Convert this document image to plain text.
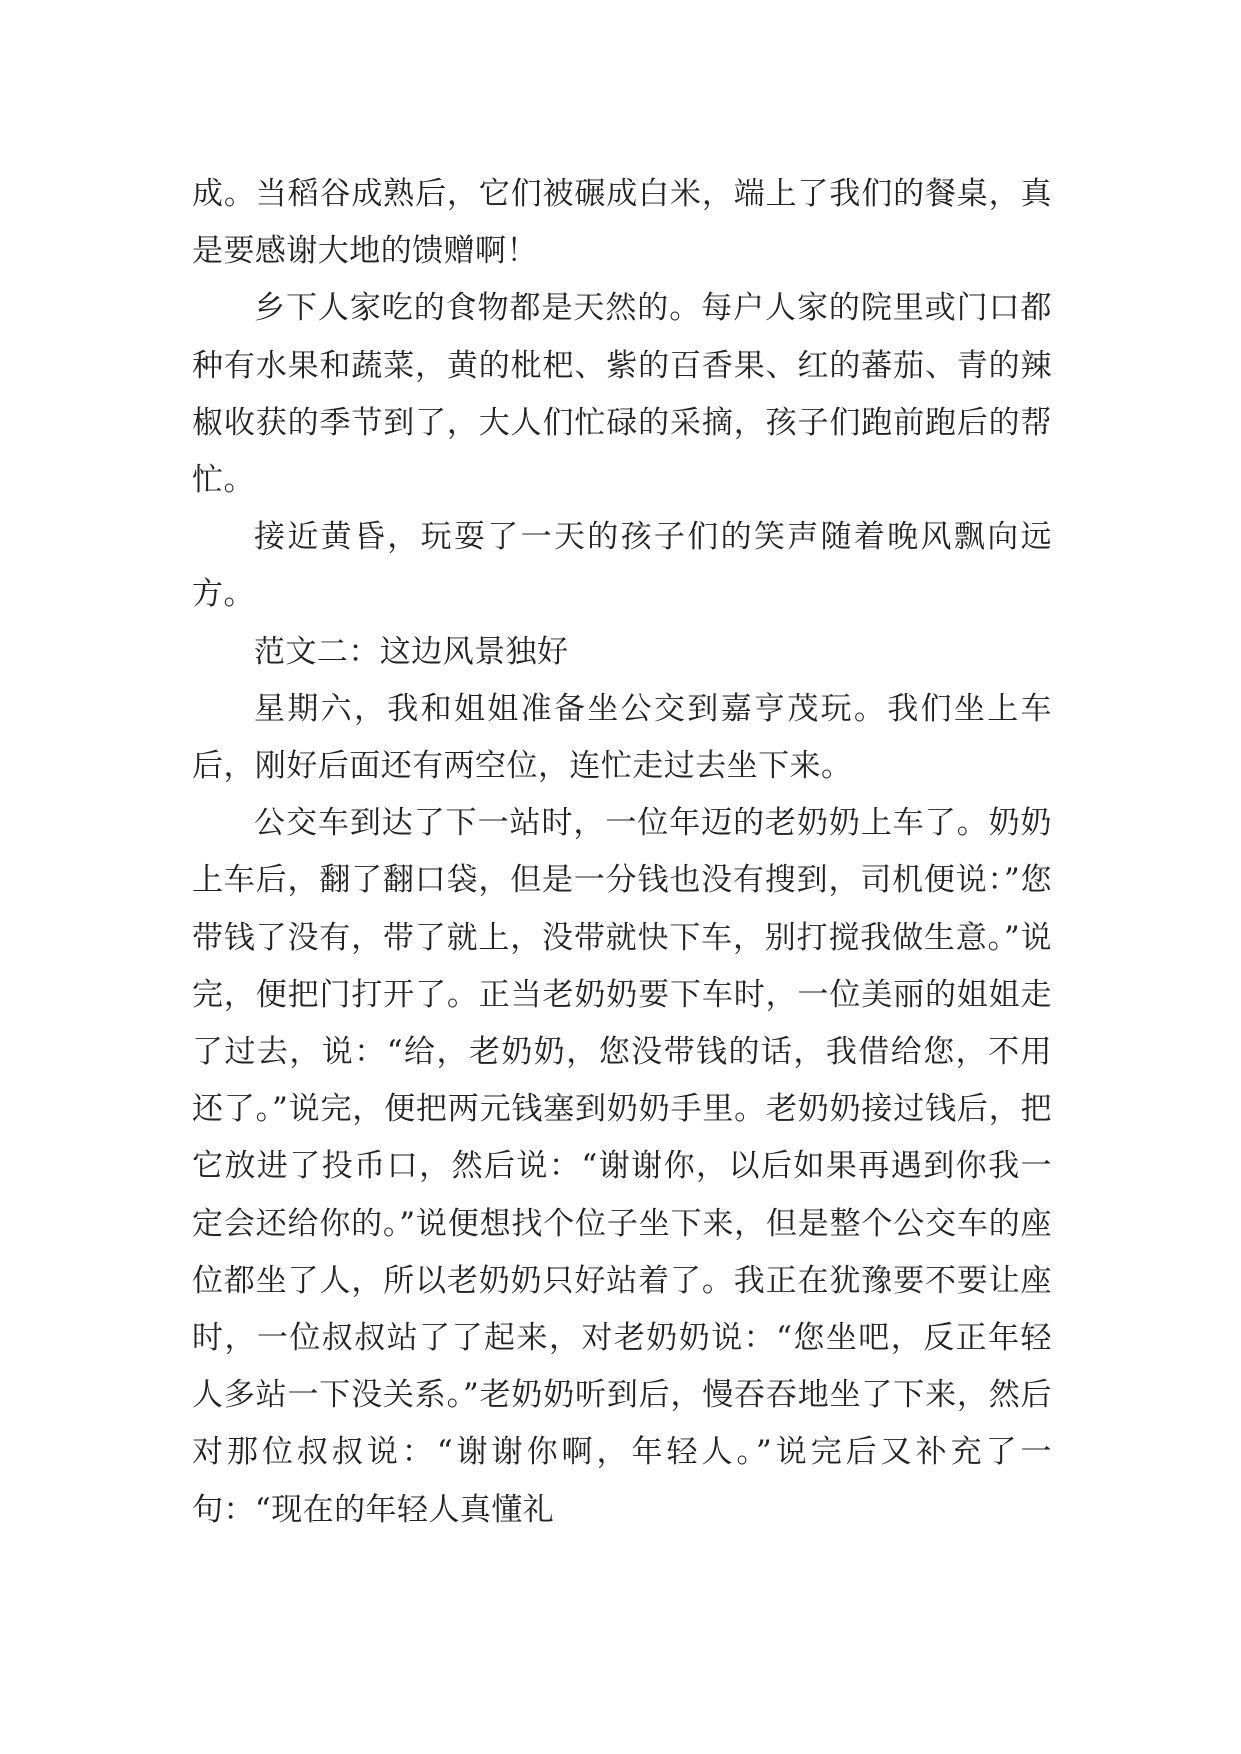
成。当稻谷成熟后，它们被碾成白米，端上了我们的餐桌，真是要感谢大地的馈赠啊！

乡下人家吃的食物都是天然的。每户人家的院里或门口都种有水果和蔬菜，黄的枇杷、紫的百香果、红的蕃茄、青的辣椒收获的季节到了，大人们忙碌的采摘，孩子们跑前跑后的帮忙。

接近黄昏，玩耍了一天的孩子们的笑声随着晚风飘向远方。

范文二：这边风景独好

星期六，我和姐姐准备坐公交到嘉亨茂玩。我们坐上车后，刚好后面还有两空位，连忙走过去坐下来。

公交车到达了下一站时，一位年迈的老奶奶上车了。奶奶上车后，翻了翻口袋，但是一分钱也没有搜到，司机便说：”您带钱了没有，带了就上，没带就快下车，别打搅我做生意。”说完，便把门打开了。正当老奶奶要下车时，一位美丽的姐姐走了过去，说：“给，老奶奶，您没带钱的话，我借给您，不用还了。”说完，便把两元钱塞到奶奶手里。老奶奶接过钱后，把它放进了投币口，然后说：“谢谢你，以后如果再遇到你我一定会还给你的。”说便想找个位子坐下来，但是整个公交车的座位都坐了人，所以老奶奶只好站着了。我正在犹豫要不要让座时，一位叔叔站了了起来，对老奶奶说：“您坐吧，反正年轻人多站一下没关系。”老奶奶听到后，慢吞吞地坐了下来，然后对那位叔叔说：“谢谢你啊，年轻人。”说完后又补充了一句：“现在的年轻人真懂礼
